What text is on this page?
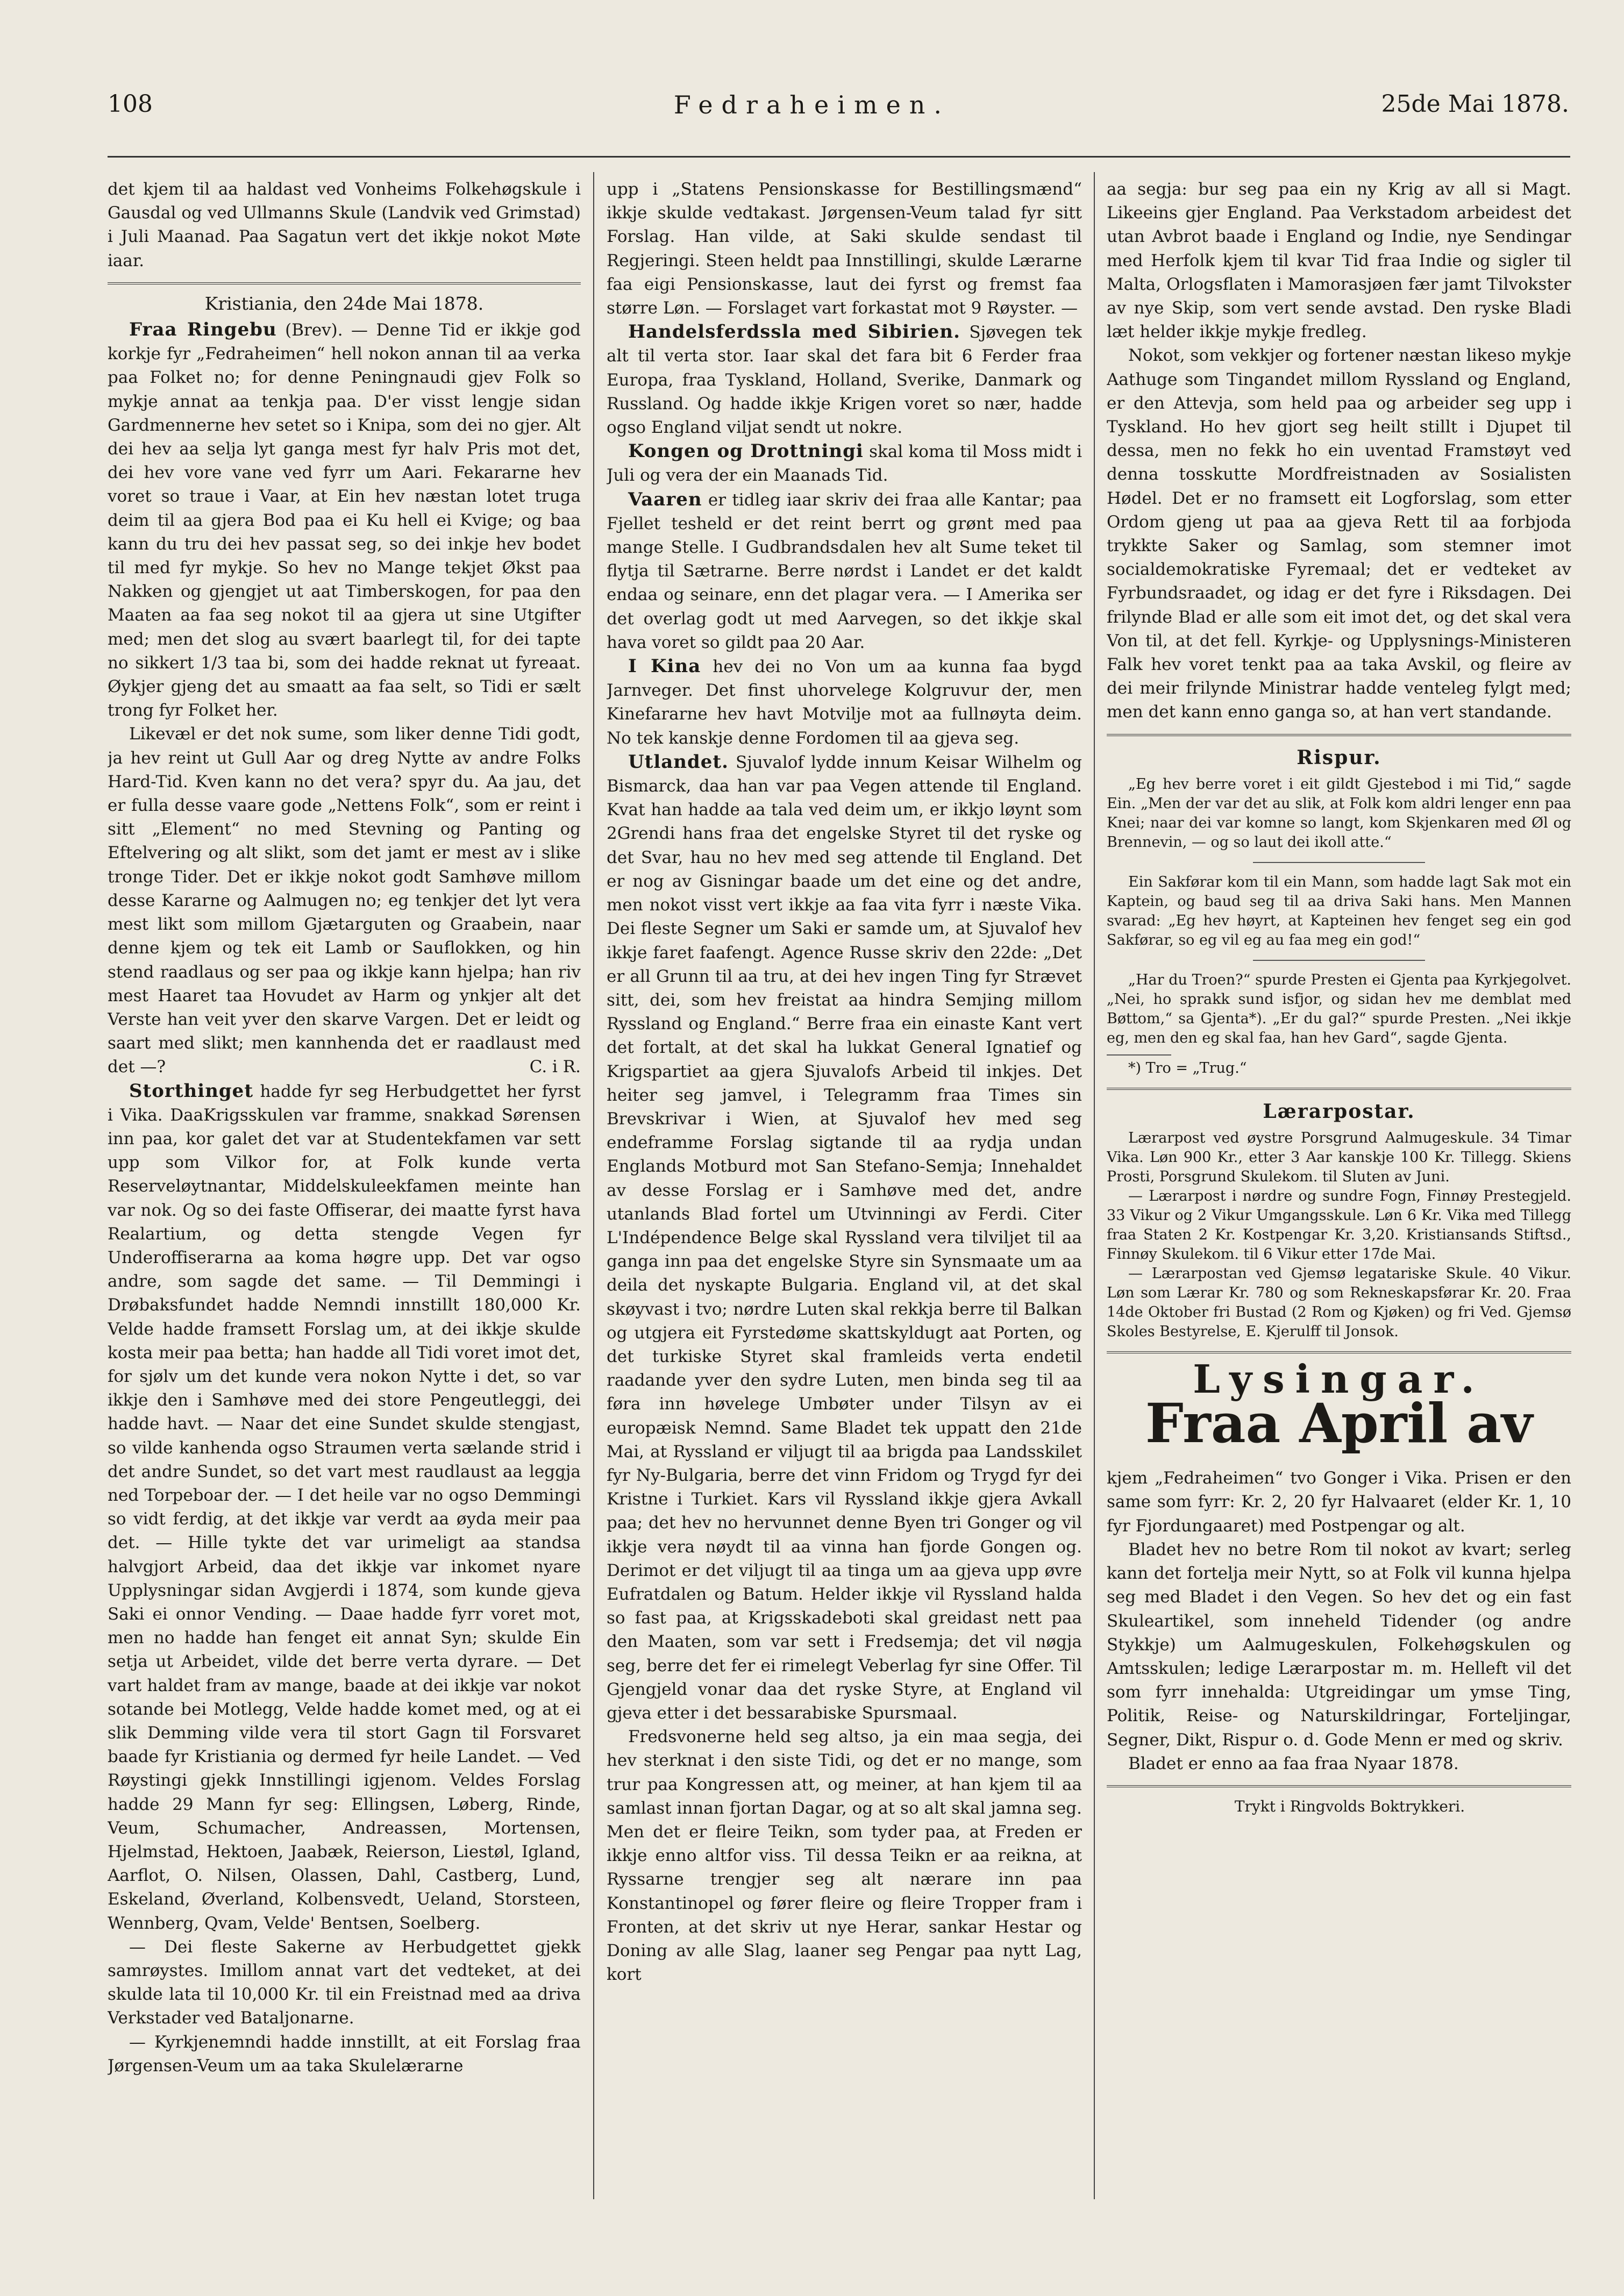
108	Fedraheimen.	25de Mai 1878.

det kjem til aa haldast ved Vonheims Folkehøgskule i Gausdal og ved Ullmanns Skule (Landvik ved Grimstad) i Juli Maanad. Paa Sagatun vert det ikkje nokot Møte iaar.

Kristiania, den 24de Mai 1878.

Fraa Ringebu (Brev). — Denne Tid er ikkje god korkje fyr „Fedraheimen“ hell nokon annan til aa verka paa Folket no; for denne Peningnaudi gjev Folk so mykje annat aa tenkja paa. D'er visst lengje sidan Gardmennerne hev setet so i Knipa, som dei no gjer. Alt dei hev aa selja lyt ganga mest fyr halv Pris mot det, dei hev vore vane ved fyrr um Aari. Fekararne hev voret so traue i Vaar, at Ein hev næstan lotet truga deim til aa gjera Bod paa ei Ku hell ei Kvige; og baa kann du tru dei hev passat seg, so dei inkje hev bodet til med fyr mykje. So hev no Mange tekjet Økst paa Nakken og gjengjet ut aat Timberskogen, for paa den Maaten aa faa seg nokot til aa gjera ut sine Utgifter med; men det slog au svært baarlegt til, for dei tapte no sikkert 1/3 taa bi, som dei hadde reknat ut fyreaat. Øykjer gjeng det au smaatt aa faa selt, so Tidi er sælt trong fyr Folket her.

Likevæl er det nok sume, som liker denne Tidi godt, ja hev reint ut Gull Aar og dreg Nytte av andre Folks Hard-Tid. Kven kann no det vera? spyr du. Aa jau, det er fulla desse vaare gode „Nettens Folk“, som er reint i sitt „Element“ no med Stevning og Panting og Eftelvering og alt slikt, som det jamt er mest av i slike tronge Tider. Det er ikkje nokot godt Samhøve millom desse Kararne og Aalmugen no; eg tenkjer det lyt vera mest likt som millom Gjætarguten og Graabein, naar denne kjem og tek eit Lamb or Sauflokken, og hin stend raadlaus og ser paa og ikkje kann hjelpa; han riv mest Haaret taa Hovudet av Harm og ynkjer alt det Verste han veit yver den skarve Vargen. Det er leidt og saart med slikt; men kannhenda det er raadlaust med det —?	C. i R.

Storthinget hadde fyr seg Herbudgettet her fyrst i Vika. DaaKrigsskulen var framme, snakkad Sørensen inn paa, kor galet det var at Studentekfamen var sett upp som Vilkor for, at Folk kunde verta Reserveløytnantar, Middelskuleekfamen meinte han var nok. Og so dei faste Offiserar, dei maatte fyrst hava Realartium, og detta stengde Vegen fyr Underoffiserarna aa koma høgre upp. Det var ogso andre, som sagde det same. — Til Demmingi i Drøbaksfundet hadde Nemndi innstillt 180,000 Kr. Velde hadde framsett Forslag um, at dei ikkje skulde kosta meir paa betta; han hadde all Tidi voret imot det, for sjølv um det kunde vera nokon Nytte i det, so var ikkje den i Samhøve med dei store Pengeutleggi, dei hadde havt. — Naar det eine Sundet skulde stengjast, so vilde kanhenda ogso Straumen verta sælande strid i det andre Sundet, so det vart mest raudlaust aa leggja ned Torpeboar der. — I det heile var no ogso Demmingi so vidt ferdig, at det ikkje var verdt aa øyda meir paa det. — Hille tykte det var urimeligt aa standsa halvgjort Arbeid, daa det ikkje var inkomet nyare Upplysningar sidan Avgjerdi i 1874, som kunde gjeva Saki ei onnor Vending. — Daae hadde fyrr voret mot, men no hadde han fenget eit annat Syn; skulde Ein setja ut Arbeidet, vilde det berre verta dyrare. — Det vart haldet fram av mange, baade at dei ikkje var nokot sotande bei Motlegg, Velde hadde komet med, og at ei slik Demming vilde vera til stort Gagn til Forsvaret baade fyr Kristiania og dermed fyr heile Landet. — Ved Røystingi gjekk Innstillingi igjenom. Veldes Forslag hadde 29 Mann fyr seg: Ellingsen, Løberg, Rinde, Veum, Schumacher, Andreassen, Mortensen, Hjelmstad, Hektoen, Jaabæk, Reierson, Liestøl, Igland, Aarflot, O. Nilsen, Olassen, Dahl, Castberg, Lund, Eskeland, Øverland, Kolbensvedt, Ueland, Storsteen, Wennberg, Qvam, Velde' Bentsen, Soelberg.

— Dei fleste Sakerne av Herbudgettet gjekk samrøystes. Imillom annat vart det vedteket, at dei skulde lata til 10,000 Kr. til ein Freistnad med aa driva Verkstader ved Bataljonarne.

— Kyrkjenemndi hadde innstillt, at eit Forslag fraa Jørgensen-Veum um aa taka Skulelærarne

upp i „Statens Pensionskasse for Bestillingsmænd“ ikkje skulde vedtakast. Jørgensen-Veum talad fyr sitt Forslag. Han vilde, at Saki skulde sendast til Regjeringi. Steen heldt paa Innstillingi, skulde Lærarne faa eigi Pensionskasse, laut dei fyrst og fremst faa større Løn. — Forslaget vart forkastat mot 9 Røyster. —

Handelsferdssla med Sibirien. Sjøvegen tek alt til verta stor. Iaar skal det fara bit 6 Ferder fraa Europa, fraa Tyskland, Holland, Sverike, Danmark og Russland. Og hadde ikkje Krigen voret so nær, hadde ogso England viljat sendt ut nokre.

Kongen og Drottningi skal koma til Moss midt i Juli og vera der ein Maanads Tid.

Vaaren er tidleg iaar skriv dei fraa alle Kantar; paa Fjellet tesheld er det reint berrt og grønt med paa mange Stelle. I Gudbrandsdalen hev alt Sume teket til flytja til Sætrarne. Berre nørdst i Landet er det kaldt endaa og seinare, enn det plagar vera. — I Amerika ser det overlag godt ut med Aarvegen, so det ikkje skal hava voret so gildt paa 20 Aar.

I Kina hev dei no Von um aa kunna faa bygd Jarnveger. Det finst uhorvelege Kolgruvur der, men Kinefararne hev havt Motvilje mot aa fullnøyta deim. No tek kanskje denne Fordomen til aa gjeva seg.

Utlandet. Sjuvalof lydde innum Keisar Wilhelm og Bismarck, daa han var paa Vegen attende til England. Kvat han hadde aa tala ved deim um, er ikkjo løynt som 2Grendi hans fraa det engelske Styret til det ryske og det Svar, hau no hev med seg attende til England. Det er nog av Gisningar baade um det eine og det andre, men nokot visst vert ikkje aa faa vita fyrr i næste Vika. Dei fleste Segner um Saki er samde um, at Sjuvalof hev ikkje faret faafengt. Agence Russe skriv den 22de: „Det er all Grunn til aa tru, at dei hev ingen Ting fyr Strævet sitt, dei, som hev freistat aa hindra Semjing millom Ryssland og England.“ Berre fraa ein einaste Kant vert det fortalt, at det skal ha lukkat General Ignatief og Krigspartiet aa gjera Sjuvalofs Arbeid til inkjes. Det heiter seg jamvel, i Telegramm fraa Times sin Brevskrivar i Wien, at Sjuvalof hev med seg endeframme Forslag sigtande til aa rydja undan Englands Motburd mot San Stefano-Semja; Innehaldet av desse Forslag er i Samhøve med det, andre utanlands Blad fortel um Utvinningi av Ferdi. Citer L'Indépendence Belge skal Ryssland vera tilviljet til aa ganga inn paa det engelske Styre sin Synsmaate um aa deila det nyskapte Bulgaria. England vil, at det skal skøyvast i tvo; nørdre Luten skal rekkja berre til Balkan og utgjera eit Fyrstedøme skattskyldugt aat Porten, og det turkiske Styret skal framleids verta endetil raadande yver den sydre Luten, men binda seg til aa føra inn høvelege Umbøter under Tilsyn av ei europæisk Nemnd. Same Bladet tek uppatt den 21de Mai, at Ryssland er viljugt til aa brigda paa Landsskilet fyr Ny-Bulgaria, berre det vinn Fridom og Trygd fyr dei Kristne i Turkiet. Kars vil Ryssland ikkje gjera Avkall paa; det hev no hervunnet denne Byen tri Gonger og vil ikkje vera nøydt til aa vinna han fjorde Gongen og. Derimot er det viljugt til aa tinga um aa gjeva upp øvre Eufratdalen og Batum. Helder ikkje vil Ryssland halda so fast paa, at Krigsskadeboti skal greidast nett paa den Maaten, som var sett i Fredsemja; det vil nøgja seg, berre det fer ei rimelegt Veberlag fyr sine Offer. Til Gjengjeld vonar daa det ryske Styre, at England vil gjeva etter i det bessarabiske Spursmaal.

Fredsvonerne held seg altso, ja ein maa segja, dei hev sterknat i den siste Tidi, og det er no mange, som trur paa Kongressen att, og meiner, at han kjem til aa samlast innan fjortan Dagar, og at so alt skal jamna seg. Men det er fleire Teikn, som tyder paa, at Freden er ikkje enno altfor viss. Til dessa Teikn er aa reikna, at Ryssarne trengjer seg alt nærare inn paa Konstantinopel og fører fleire og fleire Tropper fram i Fronten, at det skriv ut nye Herar, sankar Hestar og Doning av alle Slag, laaner seg Pengar paa nytt Lag, kort

aa segja: bur seg paa ein ny Krig av all si Magt. Likeeins gjer England. Paa Verkstadom arbeidest det utan Avbrot baade i England og Indie, nye Sendingar med Herfolk kjem til kvar Tid fraa Indie og sigler til Malta, Orlogsflaten i Mamorasjøen fær jamt Tilvokster av nye Skip, som vert sende avstad. Den ryske Bladi læt helder ikkje mykje fredleg.

Nokot, som vekkjer og fortener næstan likeso mykje Aathuge som Tingandet millom Ryssland og England, er den Attevja, som held paa og arbeider seg upp i Tyskland. Ho hev gjort seg heilt stillt i Djupet til dessa, men no fekk ho ein uventad Framstøyt ved denna tosskutte Mordfreistnaden av Sosialisten Hødel. Det er no framsett eit Logforslag, som etter Ordom gjeng ut paa aa gjeva Rett til aa forbjoda trykkte Saker og Samlag, som stemner imot socialdemokratiske Fyremaal; det er vedteket av Fyrbundsraadet, og idag er det fyre i Riksdagen. Dei frilynde Blad er alle som eit imot det, og det skal vera Von til, at det fell. Kyrkje- og Upplysnings-Ministeren Falk hev voret tenkt paa aa taka Avskil, og fleire av dei meir frilynde Ministrar hadde venteleg fylgt med; men det kann enno ganga so, at han vert standande.

Rispur.

„Eg hev berre voret i eit gildt Gjestebod i mi Tid,“ sagde Ein. „Men der var det au slik, at Folk kom aldri lenger enn paa Knei; naar dei var komne so langt, kom Skjenkaren med Øl og Brennevin, — og so laut dei ikoll atte.“

Ein Sakførar kom til ein Mann, som hadde lagt Sak mot ein Kaptein, og baud seg til aa driva Saki hans. Men Mannen svarad: „Eg hev høyrt, at Kapteinen hev fenget seg ein god Sakførar, so eg vil eg au faa meg ein god!“

„Har du Troen?“ spurde Presten ei Gjenta paa Kyrkjegolvet. „Nei, ho sprakk sund isfjor, og sidan hev me demblat med Bøttom,“ sa Gjenta*). „Er du gal?“ spurde Presten. „Nei ikkje eg, men den eg skal faa, han hev Gard“, sagde Gjenta.

*) Tro = „Trug.“

Lærarpostar.

Lærarpost ved øystre Porsgrund Aalmugeskule. 34 Timar Vika. Løn 900 Kr., etter 3 Aar kanskje 100 Kr. Tillegg. Skiens Prosti, Porsgrund Skulekom. til Sluten av Juni.

— Lærarpost i nørdre og sundre Fogn, Finnøy Prestegjeld. 33 Vikur og 2 Vikur Umgangsskule. Løn 6 Kr. Vika med Tillegg fraa Staten 2 Kr. Kostpengar Kr. 3,20. Kristiansands Stiftsd., Finnøy Skulekom. til 6 Vikur etter 17de Mai.

— Lærarpostan ved Gjemsø legatariske Skule. 40 Vikur. Løn som Lærar Kr. 780 og som Rekneskapsførar Kr. 20. Fraa 14de Oktober fri Bustad (2 Rom og Kjøken) og fri Ved. Gjemsø Skoles Bestyrelse, E. Kjerulff til Jonsok.

Lysingar.
Fraa April av

kjem „Fedraheimen“ tvo Gonger i Vika. Prisen er den same som fyrr: Kr. 2, 20 fyr Halvaaret (elder Kr. 1, 10 fyr Fjordungaaret) med Postpengar og alt.

Bladet hev no betre Rom til nokot av kvart; serleg kann det fortelja meir Nytt, so at Folk vil kunna hjelpa seg med Bladet i den Vegen. So hev det og ein fast Skuleartikel, som inneheld Tidender (og andre Stykkje) um Aalmugeskulen, Folkehøgskulen og Amtsskulen; ledige Lærarpostar m. m. Helleft vil det som fyrr innehalda: Utgreidingar um ymse Ting, Politik, Reise- og Naturskildringar, Forteljingar, Segner, Dikt, Rispur o. d. Gode Menn er med og skriv.

Bladet er enno aa faa fraa Nyaar 1878.

Trykt i Ringvolds Boktrykkeri.
